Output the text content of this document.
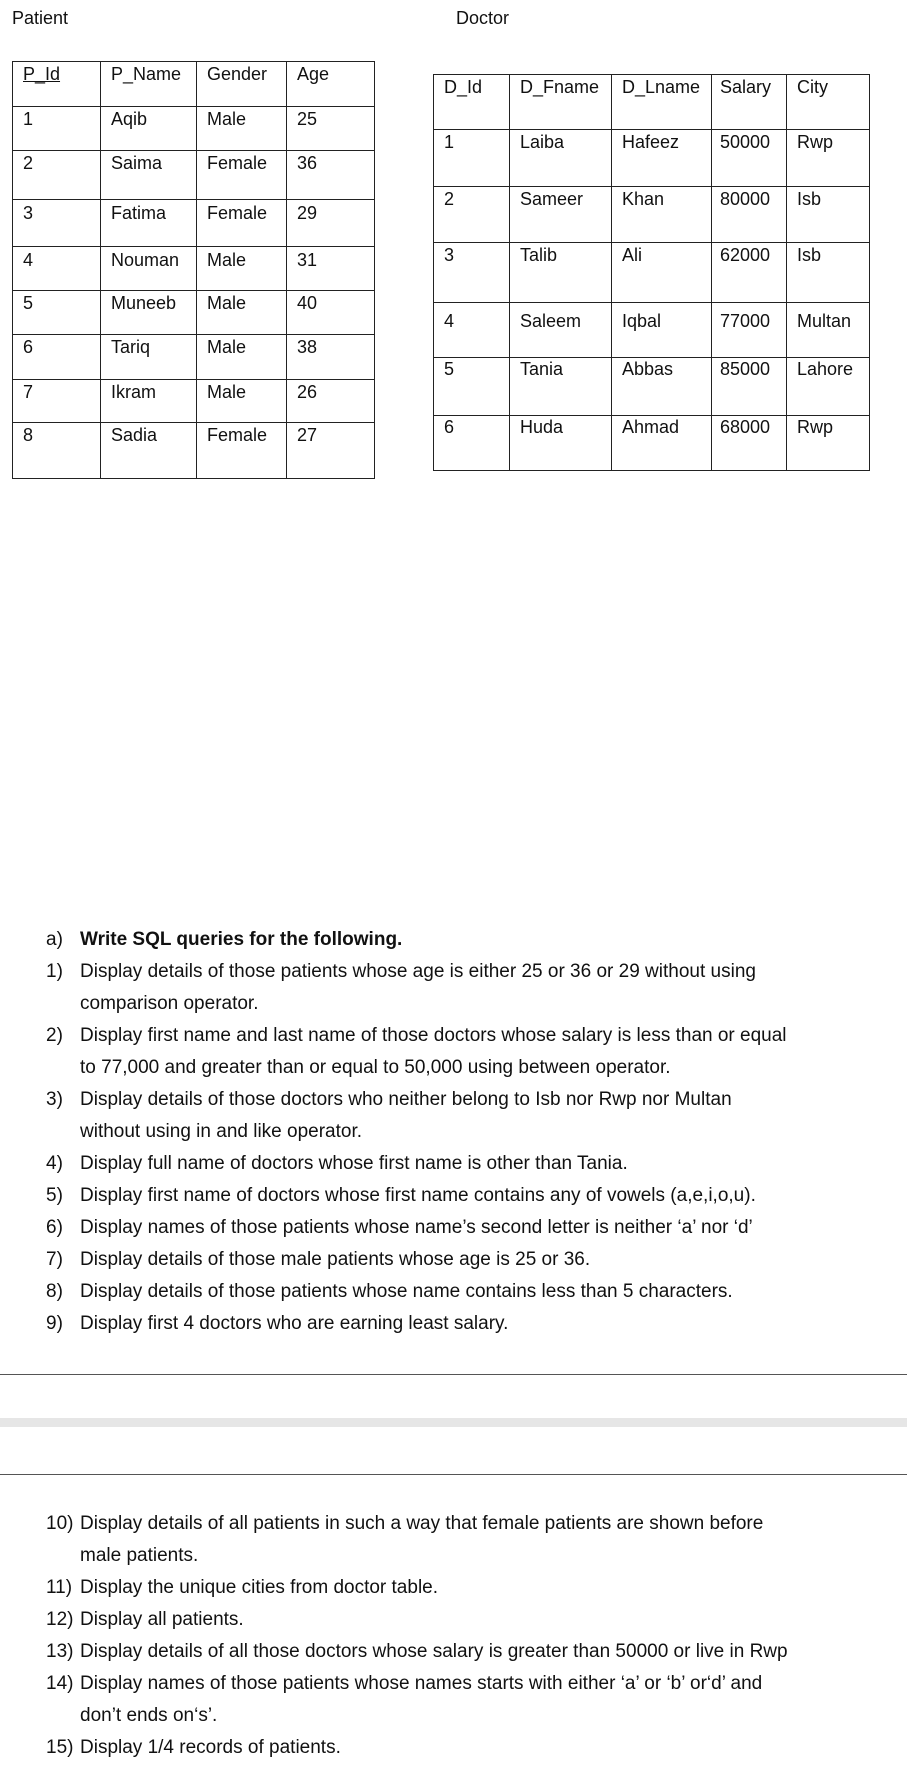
Patient	Doctor
P_Id	P_Name	Gender	Age
1	Aqib	Male	25
2	Saima	Female	36
3	Fatima	Female	29
4	Nouman	Male	31
5	Muneeb	Male	40
6	Tariq	Male	38
7	Ikram	Male	26
8	Sadia	Female	27
D_Id	D_Fname	D_Lname	Salary	City
1	Laiba	Hafeez	50000	Rwp
2	Sameer	Khan	80000	Isb
3	Talib	Ali	62000	Isb
4	Saleem	Iqbal	77000	Multan
5	Tania	Abbas	85000	Lahore
6	Huda	Ahmad	68000	Rwp
a) Write SQL queries for the following.
1) Display details of those patients whose age is either 25 or 36 or 29 without using
comparison operator.
2) Display first name and last name of those doctors whose salary is less than or equal
to 77,000 and greater than or equal to 50,000 using between operator.
3) Display details of those doctors who neither belong to Isb nor Rwp nor Multan
without using in and like operator.
4) Display full name of doctors whose first name is other than Tania.
5) Display first name of doctors whose first name contains any of vowels (a,e,i,o,u).
6) Display names of those patients whose name’s second letter is neither ‘a’ nor ‘d’
7) Display details of those male patients whose age is 25 or 36.
8) Display details of those patients whose name contains less than 5 characters.
9) Display first 4 doctors who are earning least salary.
10) Display details of all patients in such a way that female patients are shown before
male patients.
11) Display the unique cities from doctor table.
12) Display all patients.
13) Display details of all those doctors whose salary is greater than 50000 or live in Rwp
14) Display names of those patients whose names starts with either ‘a’ or ‘b’ or‘d’ and
don’t ends on‘s’.
15) Display 1/4 records of patients.
